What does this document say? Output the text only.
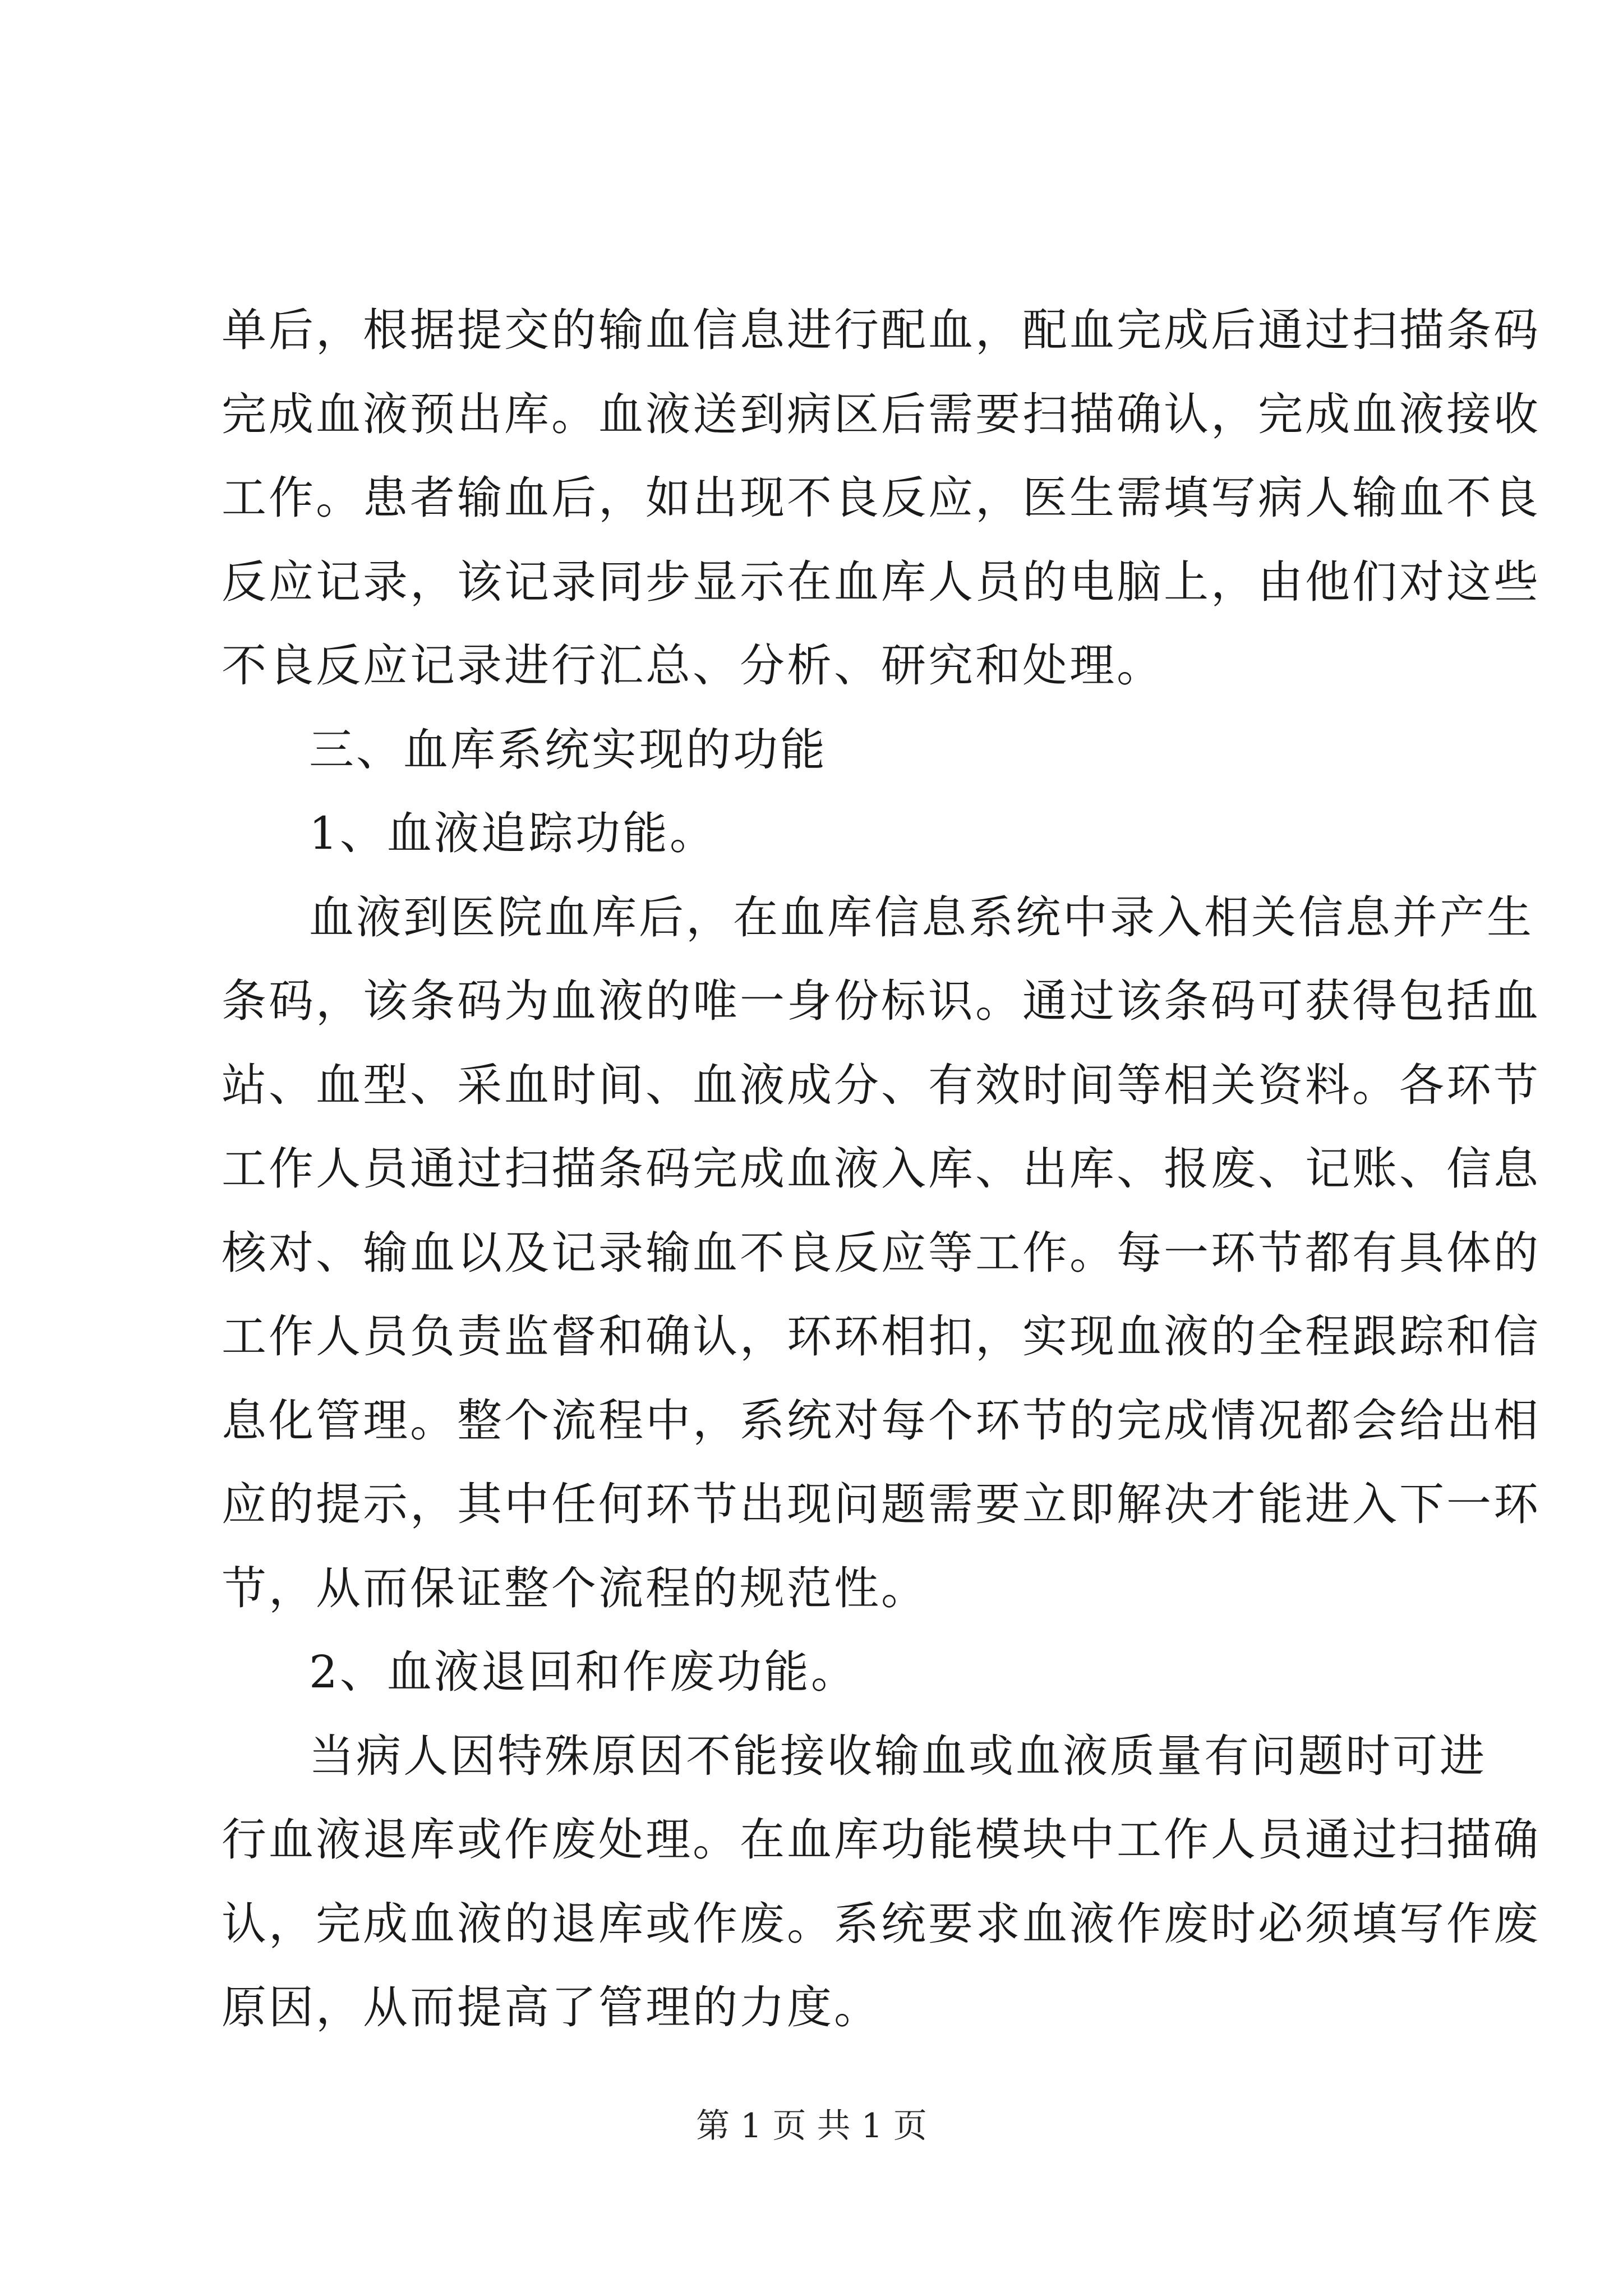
单后，根据提交的输血信息进行配血，配血完成后通过扫描条码
完成血液预出库。血液送到病区后需要扫描确认，完成血液接收
工作。患者输血后，如出现不良反应，医生需填写病人输血不良
反应记录，该记录同步显示在血库人员的电脑上，由他们对这些
不良反应记录进行汇总、分析、研究和处理。
三、血库系统实现的功能
1、血液追踪功能。
血液到医院血库后，在血库信息系统中录入相关信息并产生
条码，该条码为血液的唯一身份标识。通过该条码可获得包括血
站、血型、采血时间、血液成分、有效时间等相关资料。各环节
工作人员通过扫描条码完成血液入库、出库、报废、记账、信息
核对、输血以及记录输血不良反应等工作。每一环节都有具体的
工作人员负责监督和确认，环环相扣，实现血液的全程跟踪和信
息化管理。整个流程中，系统对每个环节的完成情况都会给出相
应的提示，其中任何环节出现问题需要立即解决才能进入下一环
节，从而保证整个流程的规范性。
2、血液退回和作废功能。
当病人因特殊原因不能接收输血或血液质量有问题时可进
行血液退库或作废处理。在血库功能模块中工作人员通过扫描确
认，完成血液的退库或作废。系统要求血液作废时必须填写作废
原因，从而提高了管理的力度。
第 1 页 共 1 页
